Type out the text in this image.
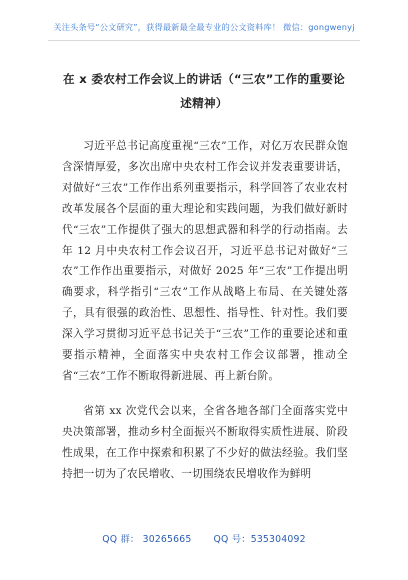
关注头条号“公文研究”，获得最新最全最专业的公文资料库！ 微信：gongwenyj
在 x 委农村工作会议上的讲话（“三农”工作的重要论述精神）

习近平总书记高度重视“三农”工作，对亿万农民群众饱含深情厚爱，多次出席中央农村工作会议并发表重要讲话，对做好“三农”工作作出系列重要指示，科学回答了农业农村改革发展各个层面的重大理论和实践问题，为我们做好新时代“三农”工作提供了强大的思想武器和科学的行动指南。去年 12 月中央农村工作会议召开，习近平总书记对做好“三农”工作作出重要指示，对做好 2025 年“三农”工作提出明确要求，科学指引“三农”工作从战略上布局、在关键处落子，具有很强的政治性、思想性、指导性、针对性。我们要深入学习贯彻习近平总书记关于“三农”工作的重要论述和重要指示精神，全面落实中央农村工作会议部署，推动全省“三农”工作不断取得新进展、再上新台阶。

省第 xx 次党代会以来，全省各地各部门全面落实党中央决策部署，推动乡村全面振兴不断取得实质性进展、阶段性成果，在工作中探索和积累了不少好的做法经验。我们坚持把一切为了农民增收、一切围绕农民增收作为鲜明

QQ 群： 30265665 QQ 号：535304092
